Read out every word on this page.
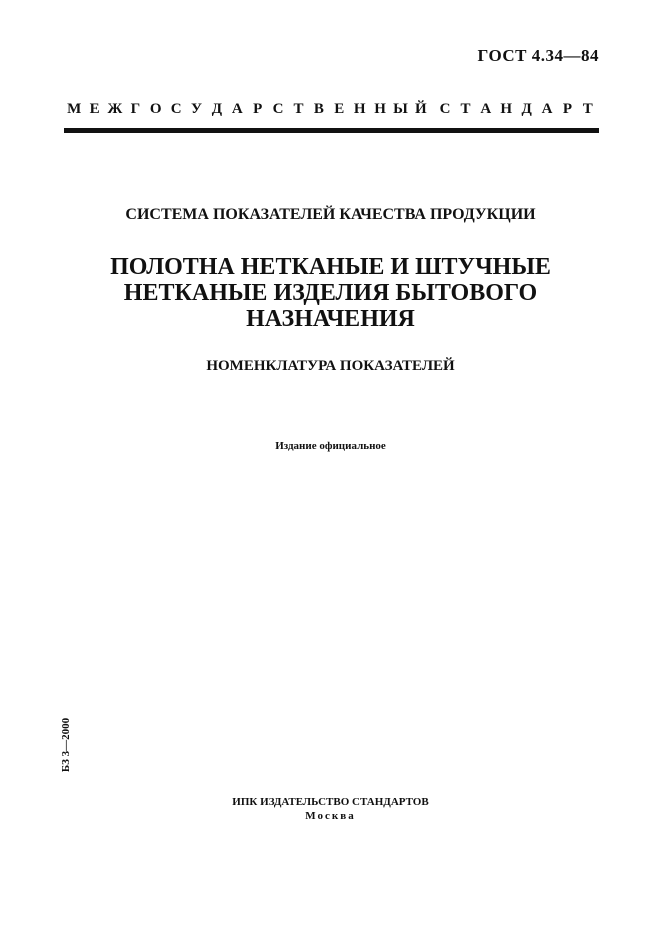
ГОСТ 4.34—84
М Е Ж Г О С У Д А Р С Т В Е Н Н Ы Й С Т А Н Д А Р Т
СИСТЕМА ПОКАЗАТЕЛЕЙ КАЧЕСТВА ПРОДУКЦИИ
ПОЛОТНА НЕТКАНЫЕ И ШТУЧНЫЕ
НЕТКАНЫЕ ИЗДЕЛИЯ БЫТОВОГО
НАЗНАЧЕНИЯ
НОМЕНКЛАТУРА ПОКАЗАТЕЛЕЙ
Издание официальное
БЗ 3—2000
ИПК ИЗДАТЕЛЬСТВО СТАНДАРТОВ
Москва
